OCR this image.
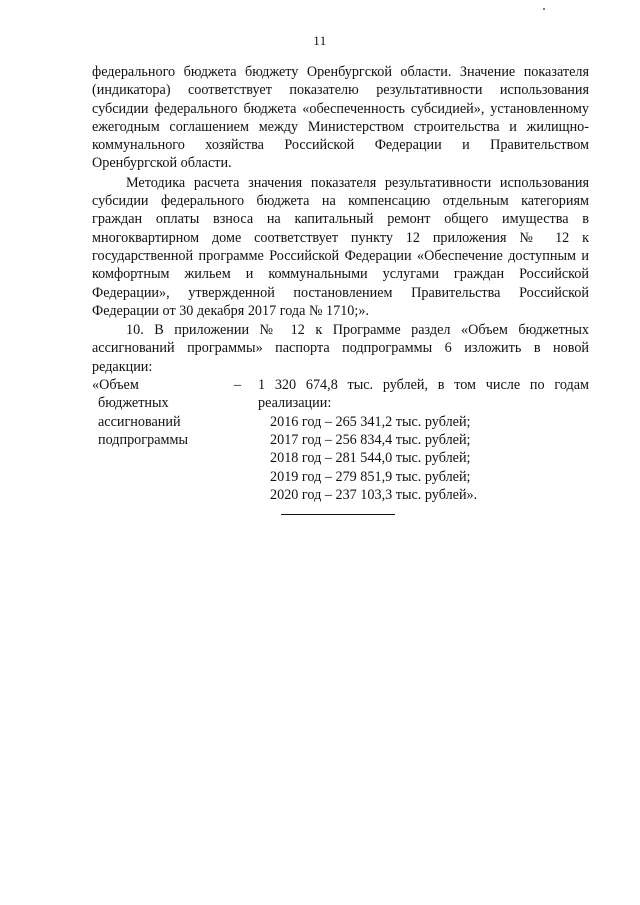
11

федерального бюджета бюджету Оренбургской области. Значение показателя (индикатора) соответствует показателю результативности использования субсидии федерального бюджета «обеспеченность субсидией», установленному ежегодным соглашением между Министерством строительства и жилищно-коммунального хозяйства Российской Федерации и Правительством Оренбургской области.

Методика расчета значения показателя результативности использования субсидии федерального бюджета на компенсацию отдельным категориям граждан оплаты взноса на капитальный ремонт общего имущества в многоквартирном доме соответствует пункту 12 приложения № 12 к государственной программе Российской Федерации «Обеспечение доступным и комфортным жильем и коммунальными услугами граждан Российской Федерации», утвержденной постановлением Правительства Российской Федерации от 30 декабря 2017 года № 1710;».

10. В приложении № 12 к Программе раздел «Объем бюджетных ассигнований программы» паспорта подпрограммы 6 изложить в новой редакции:

«Объем
бюджетных
ассигнований
подпрограммы
– 1 320 674,8 тыс. рублей, в том числе по годам
реализации:
2016 год – 265 341,2 тыс. рублей;
2017 год – 256 834,4 тыс. рублей;
2018 год – 281 544,0 тыс. рублей;
2019 год – 279 851,9 тыс. рублей;
2020 год – 237 103,3 тыс. рублей».
